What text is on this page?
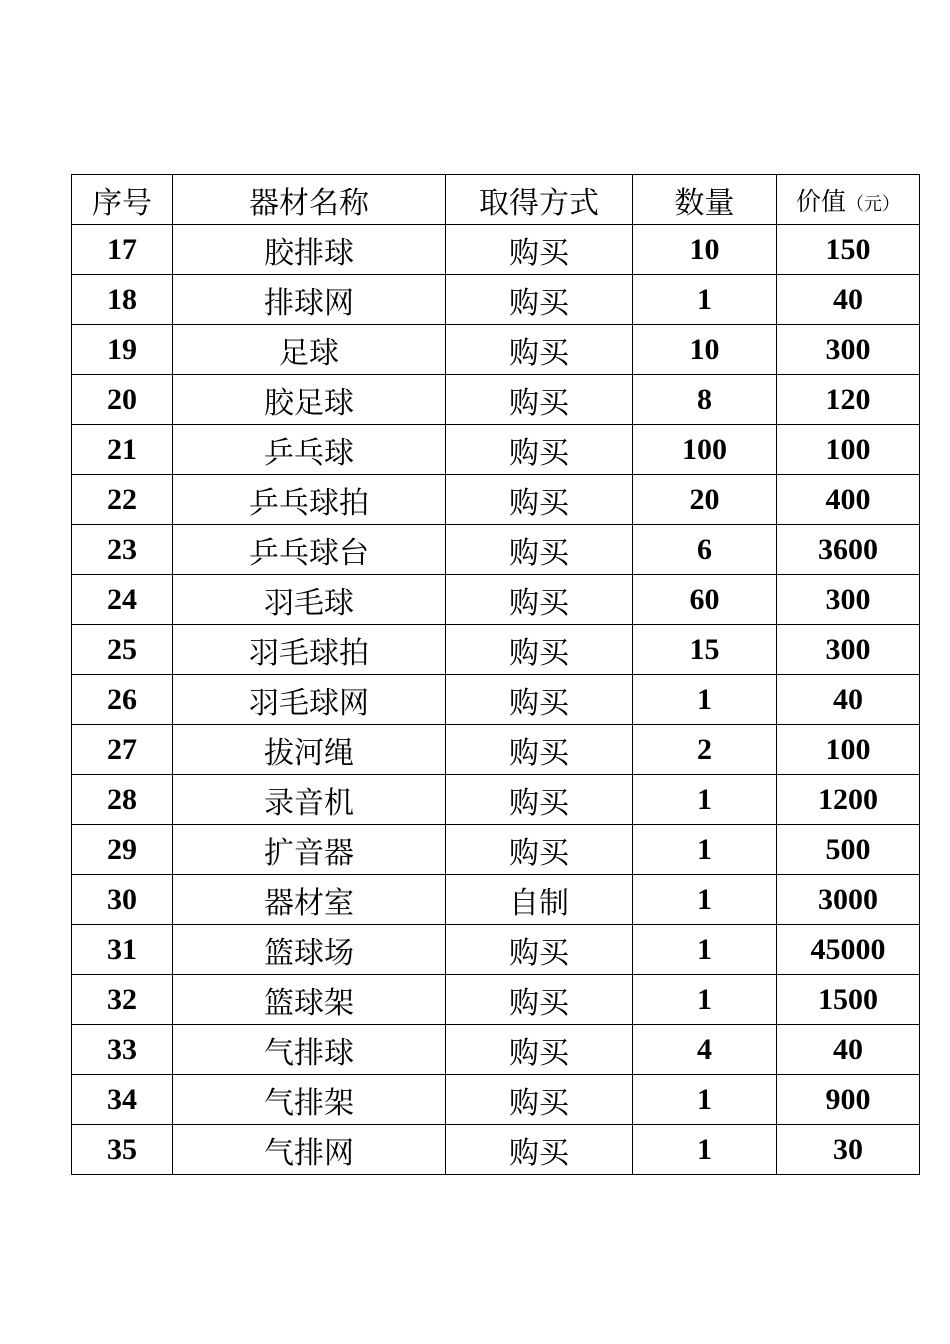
序号	器材名称	取得方式	数量	价值（元）
17	胶排球	购买	10	150
18	排球网	购买	1	40
19	足球	购买	10	300
20	胶足球	购买	8	120
21	乒乓球	购买	100	100
22	乒乓球拍	购买	20	400
23	乒乓球台	购买	6	3600
24	羽毛球	购买	60	300
25	羽毛球拍	购买	15	300
26	羽毛球网	购买	1	40
27	拔河绳	购买	2	100
28	录音机	购买	1	1200
29	扩音器	购买	1	500
30	器材室	自制	1	3000
31	篮球场	购买	1	45000
32	篮球架	购买	1	1500
33	气排球	购买	4	40
34	气排架	购买	1	900
35	气排网	购买	1	30
